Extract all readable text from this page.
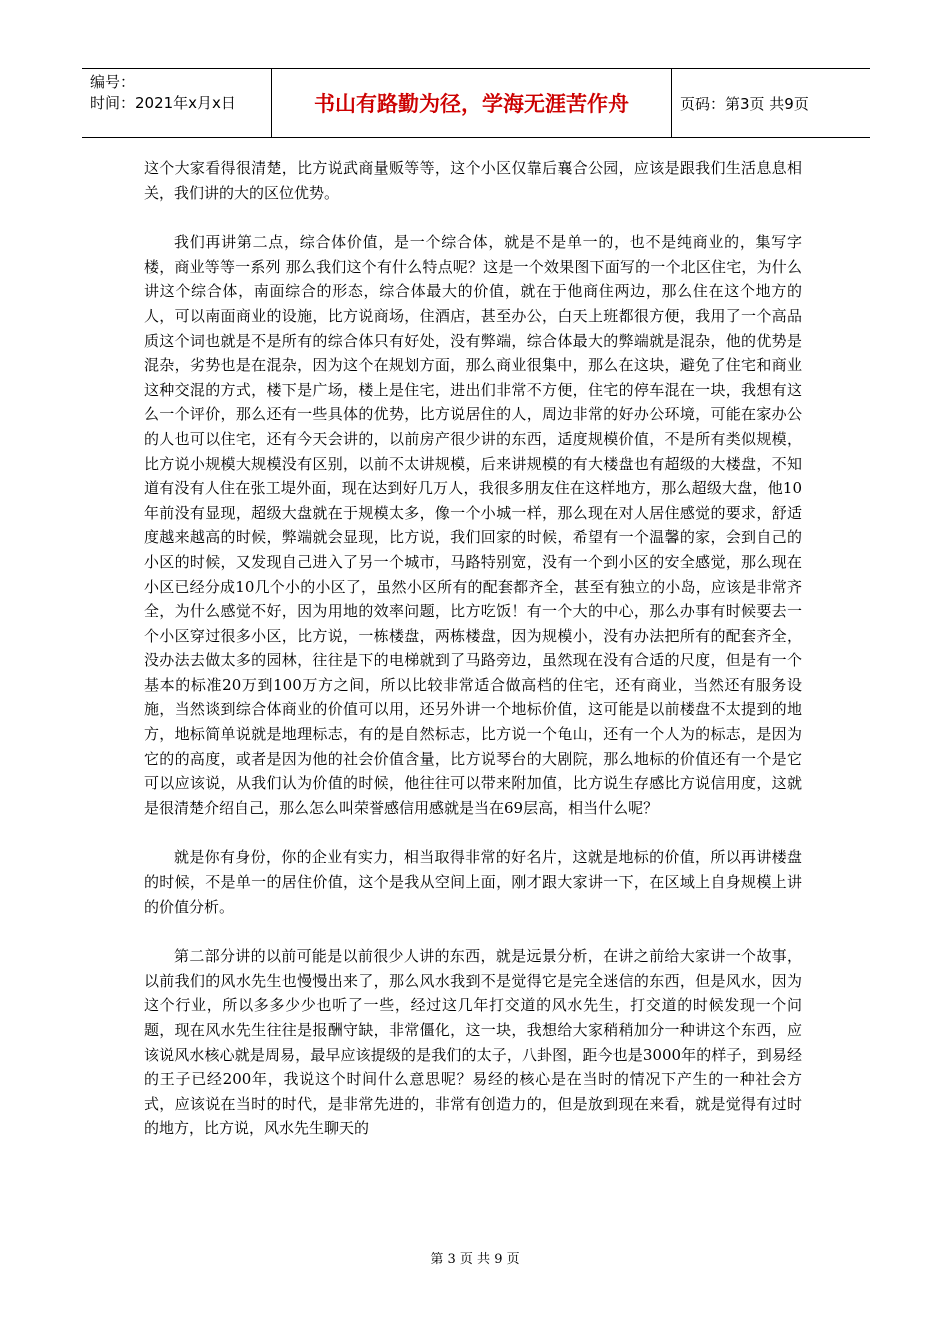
编号：
时间：2021年x月x日	书山有路勤为径，学海无涯苦作舟	页码：第3页 共9页

这个大家看得很清楚，比方说武商量贩等等，这个小区仅靠后襄合公园，应该是跟我们生活息息相关，我们讲的大的区位优势。

我们再讲第二点，综合体价值，是一个综合体，就是不是单一的，也不是纯商业的，集写字楼，商业等等一系列 那么我们这个有什么特点呢？这是一个效果图下面写的一个北区住宅，为什么讲这个综合体，南面综合的形态，综合体最大的价值，就在于他商住两边，那么住在这个地方的人，可以南面商业的设施，比方说商场，住酒店，甚至办公，白天上班都很方便，我用了一个高品质这个词也就是不是所有的综合体只有好处，没有弊端，综合体最大的弊端就是混杂，他的优势是混杂，劣势也是在混杂，因为这个在规划方面，那么商业很集中，那么在这块，避免了住宅和商业这种交混的方式，楼下是广场，楼上是住宅，进出们非常不方便，住宅的停车混在一块，我想有这么一个评价，那么还有一些具体的优势，比方说居住的人，周边非常的好办公环境，可能在家办公的人也可以住宅，还有今天会讲的，以前房产很少讲的东西，适度规模价值，不是所有类似规模，比方说小规模大规模没有区别，以前不太讲规模，后来讲规模的有大楼盘也有超级的大楼盘，不知道有没有人住在张工堤外面，现在达到好几万人，我很多朋友住在这样地方，那么超级大盘，他10年前没有显现，超级大盘就在于规模太多，像一个小城一样，那么现在对人居住感觉的要求，舒适度越来越高的时候，弊端就会显现，比方说，我们回家的时候，希望有一个温馨的家，会到自己的小区的时候，又发现自己进入了另一个城市，马路特别宽，没有一个到小区的安全感觉，那么现在小区已经分成10几个小的小区了，虽然小区所有的配套都齐全，甚至有独立的小岛，应该是非常齐全，为什么感觉不好，因为用地的效率问题，比方吃饭！有一个大的中心，那么办事有时候要去一个小区穿过很多小区，比方说，一栋楼盘，两栋楼盘，因为规模小，没有办法把所有的配套齐全，没办法去做太多的园林，往往是下的电梯就到了马路旁边，虽然现在没有合适的尺度，但是有一个基本的标准20万到100万方之间，所以比较非常适合做高档的住宅，还有商业，当然还有服务设施，当然谈到综合体商业的价值可以用，还另外讲一个地标价值，这可能是以前楼盘不太提到的地方，地标简单说就是地理标志，有的是自然标志，比方说一个龟山，还有一个人为的标志，是因为它的的高度，或者是因为他的社会价值含量，比方说琴台的大剧院，那么地标的价值还有一个是它可以应该说，从我们认为价值的时候，他往往可以带来附加值，比方说生存感比方说信用度，这就是很清楚介绍自己，那么怎么叫荣誉感信用感就是当在69层高，相当什么呢？

就是你有身份，你的企业有实力，相当取得非常的好名片，这就是地标的价值，所以再讲楼盘的时候，不是单一的居住价值，这个是我从空间上面，刚才跟大家讲一下，在区域上自身规模上讲的价值分析。

第二部分讲的以前可能是以前很少人讲的东西，就是远景分析，在讲之前给大家讲一个故事，以前我们的风水先生也慢慢出来了，那么风水我到不是觉得它是完全迷信的东西，但是风水，因为这个行业，所以多多少少也听了一些，经过这几年打交道的风水先生，打交道的时候发现一个问题，现在风水先生往往是报酬守缺，非常僵化，这一块，我想给大家稍稍加分一种讲这个东西，应该说风水核心就是周易，最早应该提级的是我们的太子，八卦图，距今也是3000年的样子，到易经的王子已经200年，我说这个时间什么意思呢？易经的核心是在当时的情况下产生的一种社会方式，应该说在当时的时代，是非常先进的，非常有创造力的，但是放到现在来看，就是觉得有过时的地方，比方说，风水先生聊天的

第 3 页 共 9 页
